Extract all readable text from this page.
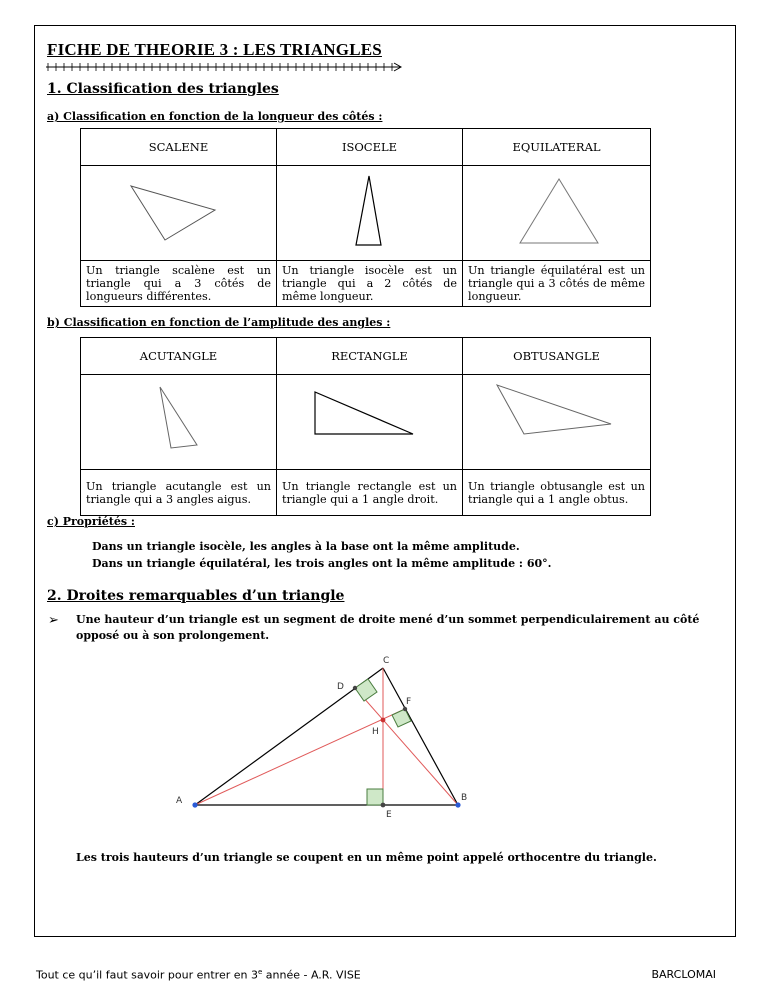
FICHE DE THEORIE 3 : LES TRIANGLES
1. Classification des triangles
a) Classification en fonction de la longueur des côtés :
SCALENE	ISOCELE	EQUILATERAL

Un triangle scalène est un triangle qui a 3 côtés de longueurs différentes.	Un triangle isocèle est un triangle qui a 2 côtés de même longueur.	Un triangle équilatéral est un triangle qui a 3 côtés de même longueur.
b) Classification en fonction de l’amplitude des angles :
ACUTANGLE	RECTANGLE	OBTUSANGLE

Un triangle acutangle est un triangle qui a 3 angles aigus.	Un triangle rectangle est un triangle qui a 1 angle droit.	Un triangle obtusangle est un triangle qui a 1 angle obtus.
c) Propriétés :
Dans un triangle isocèle, les angles à la base ont la même amplitude.
Dans un triangle équilatéral, les trois angles ont la même amplitude : 60°.
2. Droites remarquables d’un triangle
➢ Une hauteur d’un triangle est un segment de droite mené d’un sommet perpendiculairement au côté opposé ou à son prolongement.

A	B
C
D
E
F
H

Les trois hauteurs d’un triangle se coupent en un même point appelé orthocentre du triangle.

Tout ce qu’il faut savoir pour entrer en 3e année - A.R. VISE	BARCLOMAI
